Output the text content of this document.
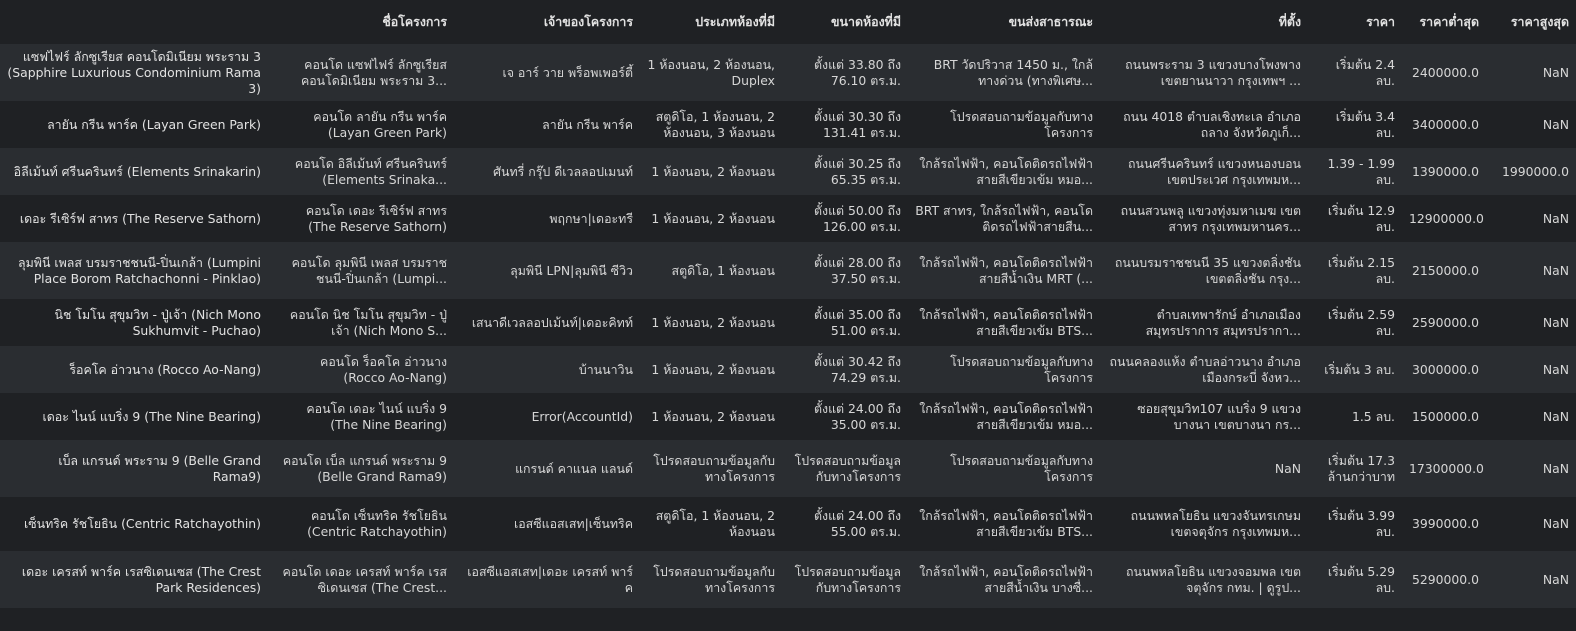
	ชื่อโครงการ	เจ้าของโครงการ	ประเภทห้องที่มี	ขนาดห้องที่มี	ขนส่งสาธารณะ	ที่ตั้ง	ราคา	ราคาต่ำสุด	ราคาสูงสุด
แซฟไฟร์ ลักซูเรียส คอนโดมิเนียม พระราม 3 (Sapphire Luxurious Condominium Rama 3)	คอนโด แซฟไฟร์ ลักซูเรียส คอนโดมิเนียม พระราม 3...	เจ อาร์ วาย พร็อพเพอร์ตี้	1 ห้องนอน, 2 ห้องนอน, Duplex	ตั้งแต่ 33.80 ถึง 76.10 ตร.ม.	BRT วัดปริวาส 1450 ม., ใกล้ทางด่วน (ทางพิเศษ...	ถนนพระราม 3 แขวงบางโพงพาง เขตยานนาวา กรุงเทพฯ ...	เริ่มต้น 2.4 ลบ.	2400000.0	NaN
ลายัน กรีน พาร์ค (Layan Green Park)	คอนโด ลายัน กรีน พาร์ค (Layan Green Park)	ลายัน กรีน พาร์ค	สตูดิโอ, 1 ห้องนอน, 2 ห้องนอน, 3 ห้องนอน	ตั้งแต่ 30.30 ถึง 131.41 ตร.ม.	โปรดสอบถามข้อมูลกับทางโครงการ	ถนน 4018 ตำบลเชิงทะเล อำเภอถลาง จังหวัดภูเก็...	เริ่มต้น 3.4 ลบ.	3400000.0	NaN
อิลีเม้นท์ ศรีนครินทร์ (Elements Srinakarin)	คอนโด อิลีเม้นท์ ศรีนครินทร์ (Elements Srinaka...	ศันทรี่ กรุ๊ป ดีเวลลอปเมนท์	1 ห้องนอน, 2 ห้องนอน	ตั้งแต่ 30.25 ถึง 65.35 ตร.ม.	ใกล้รถไฟฟ้า, คอนโดติดรถไฟฟ้าสายสีเขียวเข้ม หมอ...	ถนนศรีนครินทร์ แขวงหนองบอน เขตประเวศ กรุงเทพมห...	1.39 - 1.99 ลบ.	1390000.0	1990000.0
เดอะ รีเซิร์ฟ สาทร (The Reserve Sathorn)	คอนโด เดอะ รีเซิร์ฟ สาทร (The Reserve Sathorn)	พฤกษา|เดอะทรี	1 ห้องนอน, 2 ห้องนอน	ตั้งแต่ 50.00 ถึง 126.00 ตร.ม.	BRT สาทร, ใกล้รถไฟฟ้า, คอนโดติดรถไฟฟ้าสายสีน...	ถนนสวนพลู แขวงทุ่งมหาเมฆ เขตสาทร กรุงเทพมหานคร...	เริ่มต้น 12.9 ลบ.	12900000.0	NaN
ลุมพินี เพลส บรมราชชนนี-ปิ่นเกล้า (Lumpini Place Borom Ratchachonni - Pinklao)	คอนโด ลุมพินี เพลส บรมราชชนนี-ปิ่นเกล้า (Lumpi...	ลุมพินี LPN|ลุมพินี ซีวิว	สตูดิโอ, 1 ห้องนอน	ตั้งแต่ 28.00 ถึง 37.50 ตร.ม.	ใกล้รถไฟฟ้า, คอนโดติดรถไฟฟ้าสายสีน้ำเงิน MRT (...	ถนนบรมราชชนนี 35 แขวงตลิ่งชัน เขตตลิ่งชัน กรุง...	เริ่มต้น 2.15 ลบ.	2150000.0	NaN
นิช โมโน สุขุมวิท - ปู่เจ้า (Nich Mono Sukhumvit - Puchao)	คอนโด นิช โมโน สุขุมวิท - ปู่เจ้า (Nich Mono S...	เสนาดีเวลลอปเม้นท์|เดอะคิทท์	1 ห้องนอน, 2 ห้องนอน	ตั้งแต่ 35.00 ถึง 51.00 ตร.ม.	ใกล้รถไฟฟ้า, คอนโดติดรถไฟฟ้าสายสีเขียวเข้ม BTS...	ตำบลเทพารักษ์ อำเภอเมืองสมุทรปราการ สมุทรปรากา...	เริ่มต้น 2.59 ลบ.	2590000.0	NaN
ร็อคโค อ่าวนาง (Rocco Ao-Nang)	คอนโด ร็อคโค อ่าวนาง (Rocco Ao-Nang)	บ้านนาวิน	1 ห้องนอน, 2 ห้องนอน	ตั้งแต่ 30.42 ถึง 74.29 ตร.ม.	โปรดสอบถามข้อมูลกับทางโครงการ	ถนนคลองแห้ง ตำบลอ่าวนาง อำเภอเมืองกระบี่ จังหว...	เริ่มต้น 3 ลบ.	3000000.0	NaN
เดอะ ไนน์ แบริ่ง 9 (The Nine Bearing)	คอนโด เดอะ ไนน์ แบริ่ง 9 (The Nine Bearing)	Error(AccountId)	1 ห้องนอน, 2 ห้องนอน	ตั้งแต่ 24.00 ถึง 35.00 ตร.ม.	ใกล้รถไฟฟ้า, คอนโดติดรถไฟฟ้าสายสีเขียวเข้ม หมอ...	ซอยสุขุมวิท107 แบริ่ง 9 แขวงบางนา เขตบางนา กร...	1.5 ลบ.	1500000.0	NaN
เบ็ล แกรนด์ พระราม 9 (Belle Grand Rama9)	คอนโด เบ็ล แกรนด์ พระราม 9 (Belle Grand Rama9)	แกรนด์ คาแนล แลนด์	โปรดสอบถามข้อมูลกับทางโครงการ	โปรดสอบถามข้อมูลกับทางโครงการ	โปรดสอบถามข้อมูลกับทางโครงการ	NaN	เริ่มต้น 17.3 ล้านกว่าบาท	17300000.0	NaN
เซ็นทริค รัชโยธิน (Centric Ratchayothin)	คอนโด เซ็นทริค รัชโยธิน (Centric Ratchayothin)	เอสซีแอสเสท|เซ็นทริค	สตูดิโอ, 1 ห้องนอน, 2 ห้องนอน	ตั้งแต่ 24.00 ถึง 55.00 ตร.ม.	ใกล้รถไฟฟ้า, คอนโดติดรถไฟฟ้าสายสีเขียวเข้ม BTS...	ถนนพหลโยธิน แขวงจันทรเกษม เขตจตุจักร กรุงเทพมห...	เริ่มต้น 3.99 ลบ.	3990000.0	NaN
เดอะ เครสท์ พาร์ค เรสซิเดนเซส (The Crest Park Residences)	คอนโด เดอะ เครสท์ พาร์ค เรสซิเดนเซส (The Crest...	เอสซีแอสเสท|เดอะ เครสท์ พาร์ค	โปรดสอบถามข้อมูลกับทางโครงการ	โปรดสอบถามข้อมูลกับทางโครงการ	ใกล้รถไฟฟ้า, คอนโดติดรถไฟฟ้าสายสีน้ำเงิน บางซื่...	ถนนพหลโยธิน แขวงจอมพล เขตจตุจักร กทม. | ดูรูป...	เริ่มต้น 5.29 ลบ.	5290000.0	NaN
